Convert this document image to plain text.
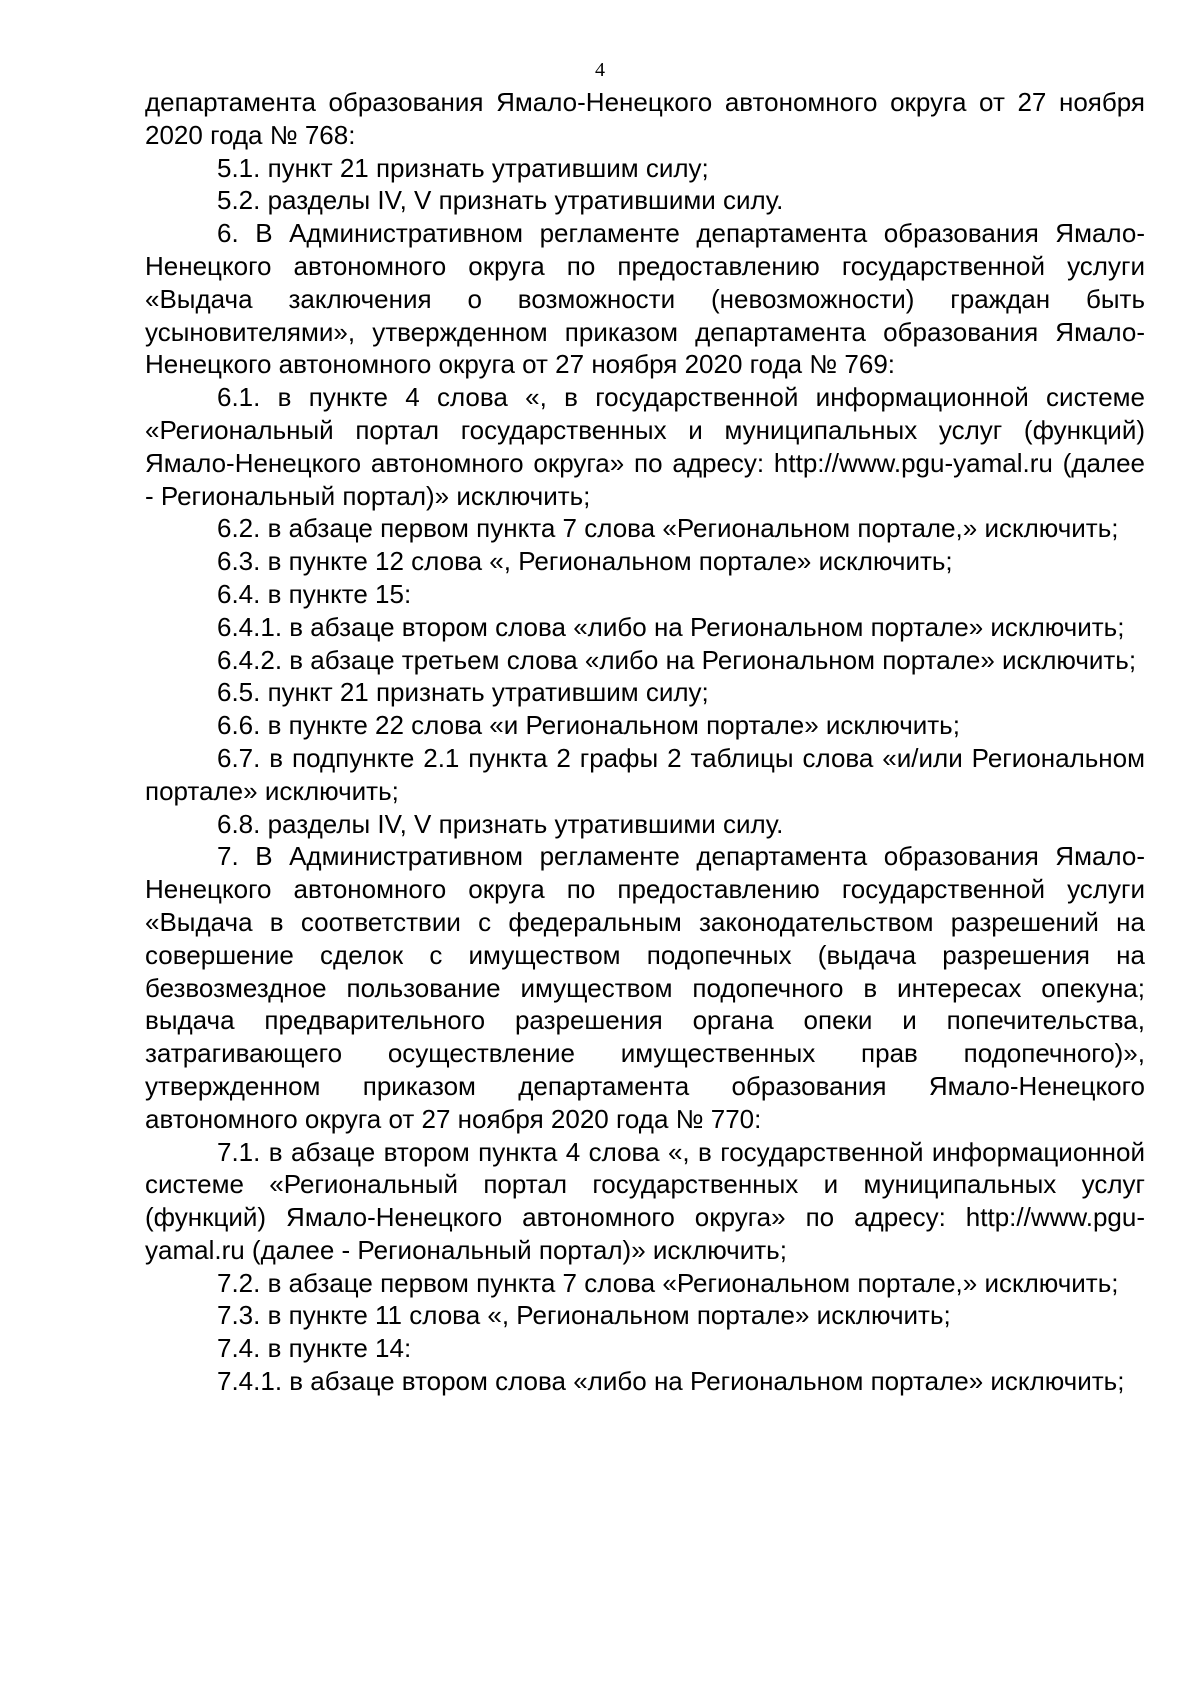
4

департамента образования Ямало-Ненецкого автономного округа от 27 ноября 2020 года № 768:

5.1. пункт 21 признать утратившим силу;

5.2. разделы IV, V признать утратившими силу.

6. В Административном регламенте департамента образования Ямало-Ненецкого автономного округа по предоставлению государственной услуги «Выдача заключения о возможности (невозможности) граждан быть усыновителями», утвержденном приказом департамента образования Ямало-Ненецкого автономного округа от 27 ноября 2020 года № 769:

6.1. в пункте 4 слова «, в государственной информационной системе «Региональный портал государственных и муниципальных услуг (функций) Ямало-Ненецкого автономного округа» по адресу: http://www.pgu-yamal.ru (далее - Региональный портал)» исключить;

6.2. в абзаце первом пункта 7 слова «Региональном портале,» исключить;

6.3. в пункте 12 слова «, Региональном портале» исключить;

6.4. в пункте 15:

6.4.1. в абзаце втором слова «либо на Региональном портале» исключить;

6.4.2. в абзаце третьем слова «либо на Региональном портале» исключить;

6.5. пункт 21 признать утратившим силу;

6.6. в пункте 22 слова «и Региональном портале» исключить;

6.7. в подпункте 2.1 пункта 2 графы 2 таблицы слова «и/или Региональном портале» исключить;

6.8. разделы IV, V признать утратившими силу.

7. В Административном регламенте департамента образования Ямало-Ненецкого автономного округа по предоставлению государственной услуги «Выдача в соответствии с федеральным законодательством разрешений на совершение сделок с имуществом подопечных (выдача разрешения на безвозмездное пользование имуществом подопечного в интересах опекуна; выдача предварительного разрешения органа опеки и попечительства, затрагивающего осуществление имущественных прав подопечного)», утвержденном приказом департамента образования Ямало-Ненецкого автономного округа от 27 ноября 2020 года № 770:

7.1. в абзаце втором пункта 4 слова «, в государственной информационной системе «Региональный портал государственных и муниципальных услуг (функций) Ямало-Ненецкого автономного округа» по адресу: http://www.pgu-yamal.ru (далее - Региональный портал)» исключить;

7.2. в абзаце первом пункта 7 слова «Региональном портале,» исключить;

7.3. в пункте 11 слова «, Региональном портале» исключить;

7.4. в пункте 14:

7.4.1. в абзаце втором слова «либо на Региональном портале» исключить;
